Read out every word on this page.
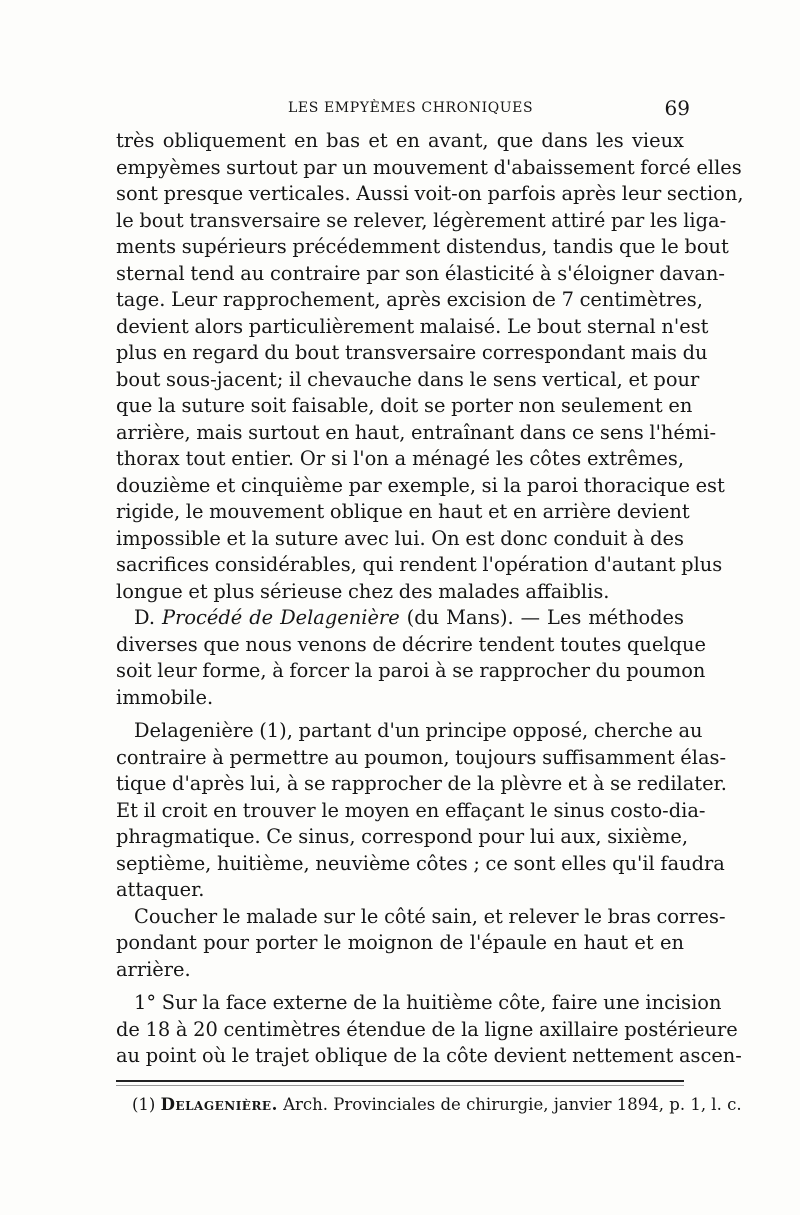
LES EMPYÈMES CHRONIQUES	69
très obliquement en bas et en avant, que dans les vieux
empyèmes surtout par un mouvement d'abaissement forcé elles
sont presque verticales. Aussi voit-on parfois après leur section,
le bout transversaire se relever, légèrement attiré par les liga-
ments supérieurs précédemment distendus, tandis que le bout
sternal tend au contraire par son élasticité à s'éloigner davan-
tage. Leur rapprochement, après excision de 7 centimètres,
devient alors particulièrement malaisé. Le bout sternal n'est
plus en regard du bout transversaire correspondant mais du
bout sous-jacent; il chevauche dans le sens vertical, et pour
que la suture soit faisable, doit se porter non seulement en
arrière, mais surtout en haut, entraînant dans ce sens l'hémi-
thorax tout entier. Or si l'on a ménagé les côtes extrêmes,
douzième et cinquième par exemple, si la paroi thoracique est
rigide, le mouvement oblique en haut et en arrière devient
impossible et la suture avec lui. On est donc conduit à des
sacrifices considérables, qui rendent l'opération d'autant plus
longue et plus sérieuse chez des malades affaiblis.
D. Procédé de Delagenière (du Mans). — Les méthodes
diverses que nous venons de décrire tendent toutes quelque
soit leur forme, à forcer la paroi à se rapprocher du poumon
immobile.
Delagenière (1), partant d'un principe opposé, cherche au
contraire à permettre au poumon, toujours suffisamment élas-
tique d'après lui, à se rapprocher de la plèvre et à se redilater.
Et il croit en trouver le moyen en effaçant le sinus costo-dia-
phragmatique. Ce sinus, correspond pour lui aux, sixième,
septième, huitième, neuvième côtes ; ce sont elles qu'il faudra
attaquer.
Coucher le malade sur le côté sain, et relever le bras corres-
pondant pour porter le moignon de l'épaule en haut et en
arrière.
1° Sur la face externe de la huitième côte, faire une incision
de 18 à 20 centimètres étendue de la ligne axillaire postérieure
au point où le trajet oblique de la côte devient nettement ascen-
(1) Delagenière. Arch. Provinciales de chirurgie, janvier 1894, p. 1, l. c.
